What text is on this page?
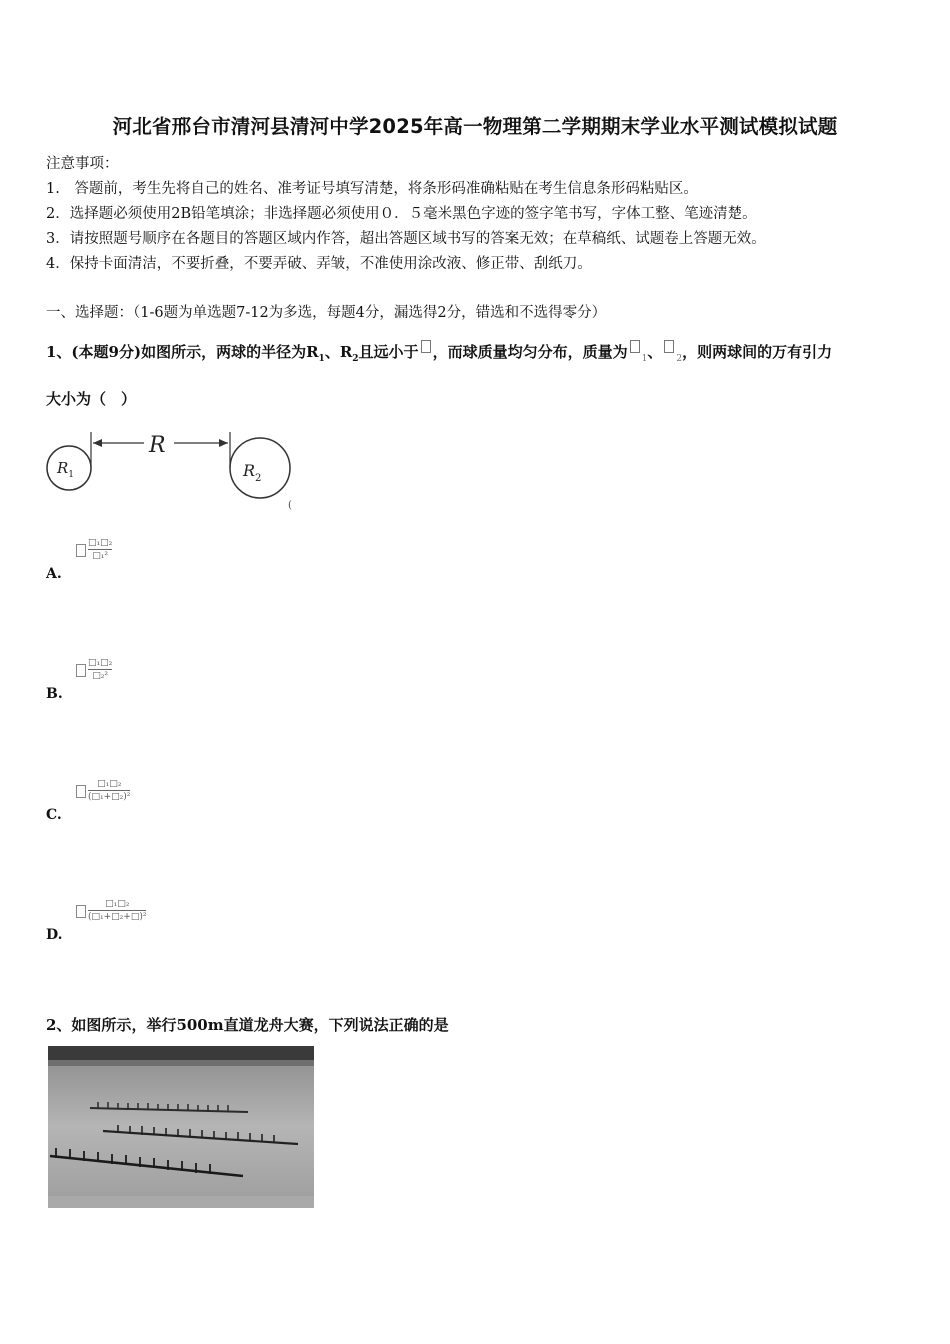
河北省邢台市清河县清河中学2025年高一物理第二学期期末学业水平测试模拟试题
注意事项：
1.　答题前，考生先将自己的姓名、准考证号填写清楚，将条形码准确粘贴在考生信息条形码粘贴区。
2．选择题必须使用2B铅笔填涂；非选择题必须使用０．５毫米黑色字迹的签字笔书写，字体工整、笔迹清楚。
3．请按照题号顺序在各题目的答题区域内作答，超出答题区域书写的答案无效；在草稿纸、试题卷上答题无效。
4．保持卡面清洁，不要折叠，不要弄破、弄皱，不准使用涂改液、修正带、刮纸刀。
一、选择题：（1-6题为单选题7-12为多选，每题4分，漏选得2分，错选和不选得零分）
1、(本题9分)如图所示，两球的半径为$R_1$、$R_2$且远小于 ，而球质量均匀分布，质量为 $_1$、 $_2$，则两球间的万有引力
大小为（　）
R
$R_1$	$R_2$
(
□₁□₂
□₁²
A.
□₁□₂
□₂²
B.
□₁□₂
(□₁+□₂)²
C.
□₁□₂
(□₁+□₂+□)²
D.
2、如图所示，举行500m直道龙舟大赛，下列说法正确的是
